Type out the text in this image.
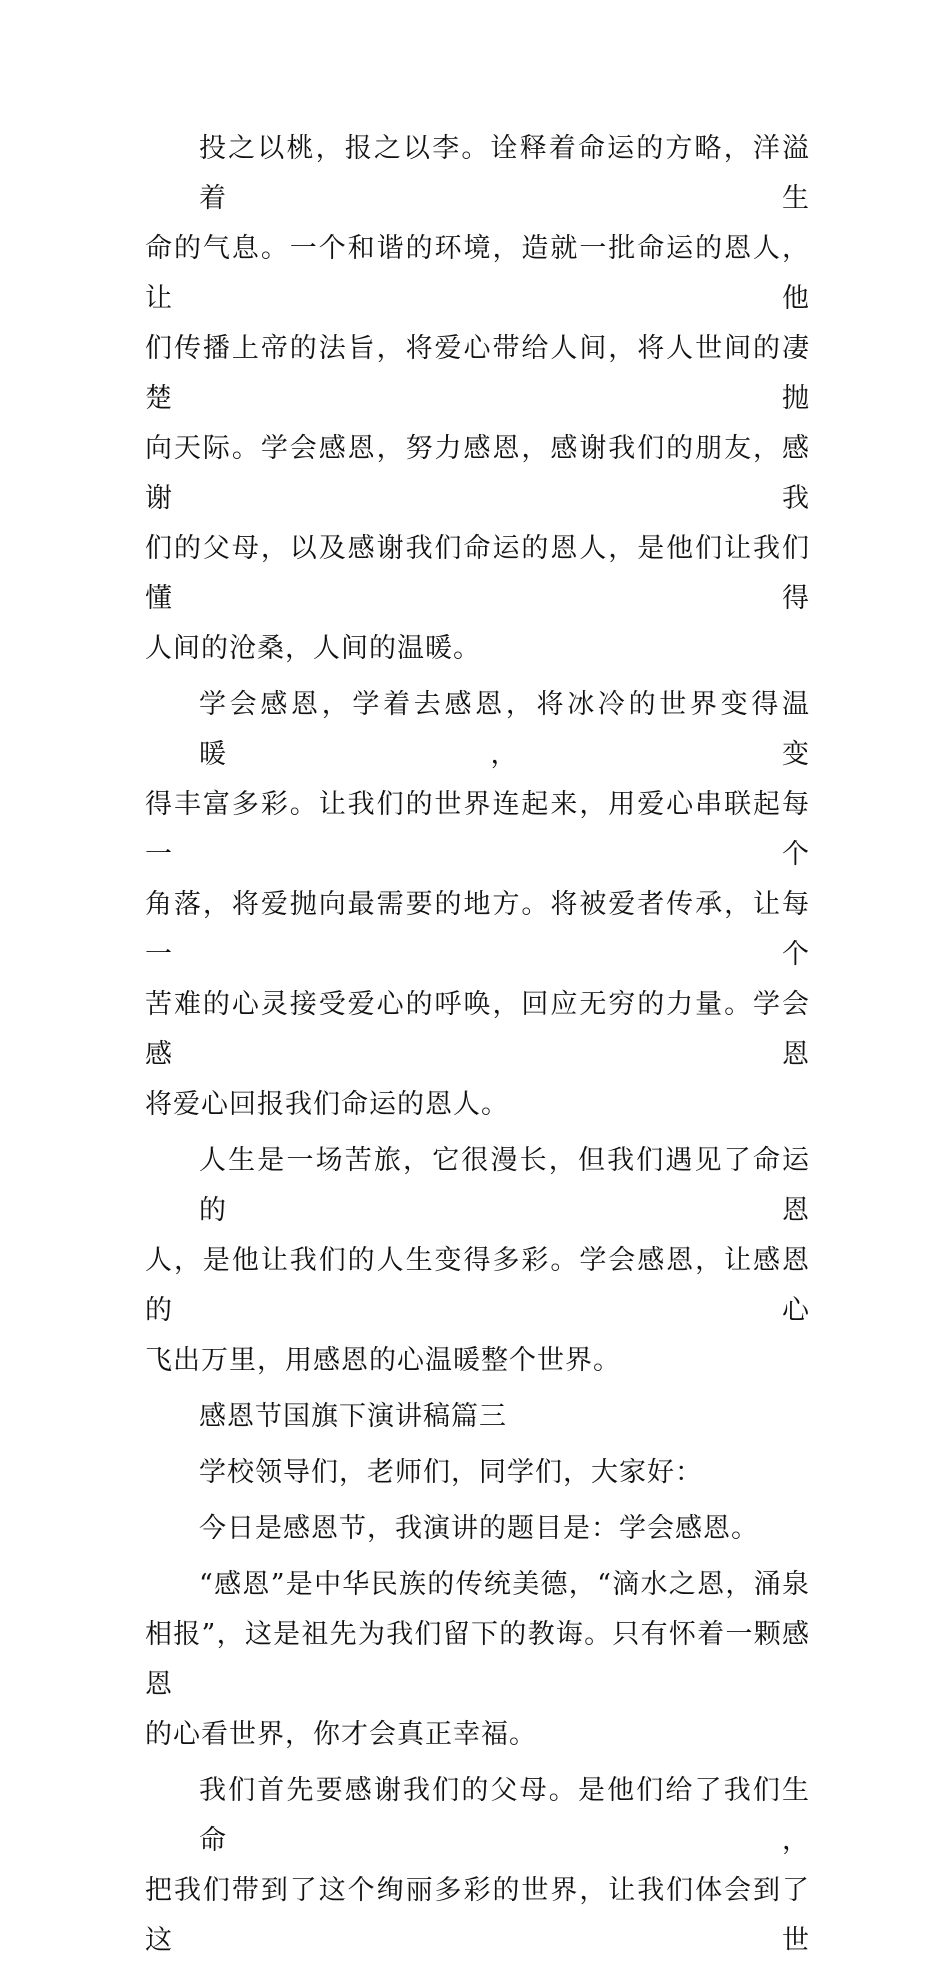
投之以桃，报之以李。诠释着命运的方略，洋溢着生
命的气息。一个和谐的环境，造就一批命运的恩人，让他
们传播上帝的法旨，将爱心带给人间，将人世间的凄楚抛
向天际。学会感恩，努力感恩，感谢我们的朋友，感谢我
们的父母，以及感谢我们命运的恩人，是他们让我们懂得
人间的沧桑，人间的温暖。
学会感恩，学着去感恩，将冰冷的世界变得温暖，变
得丰富多彩。让我们的世界连起来，用爱心串联起每一个
角落，将爱抛向最需要的地方。将被爱者传承，让每一个
苦难的心灵接受爱心的呼唤，回应无穷的力量。学会感恩
将爱心回报我们命运的恩人。
人生是一场苦旅，它很漫长，但我们遇见了命运的恩
人，是他让我们的人生变得多彩。学会感恩，让感恩的心
飞出万里，用感恩的心温暖整个世界。
感恩节国旗下演讲稿篇三
学校领导们，老师们，同学们，大家好：
今日是感恩节，我演讲的题目是：学会感恩。
“感恩”是中华民族的传统美德，“滴水之恩，涌泉
相报”，这是祖先为我们留下的教诲。只有怀着一颗感恩
的心看世界，你才会真正幸福。
我们首先要感谢我们的父母。是他们给了我们生命，
把我们带到了这个绚丽多彩的世界，让我们体会到了这世
